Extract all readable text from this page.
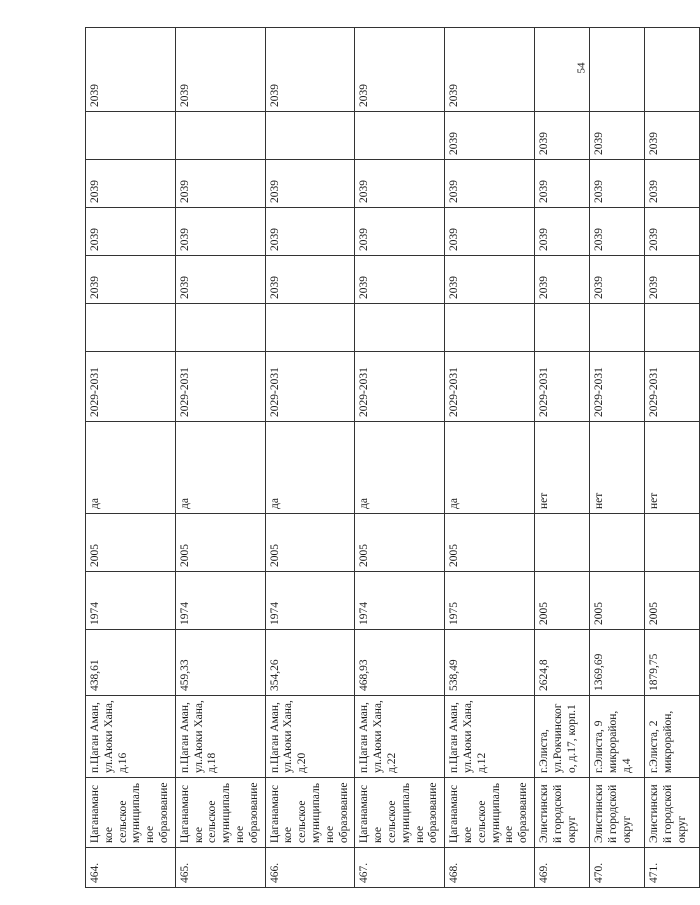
464.	Цаганаманское сельское муниципальное образование	п.Цаган Аман, ул.Аюки Хана, д.16	438,61	1974	2005	да	2029-2031		2039	2039	2039		2039
465.	Цаганаманское сельское муниципальное образование	п.Цаган Аман, ул.Аюки Хана, д.18	459,33	1974	2005	да	2029-2031		2039	2039	2039		2039
466.	Цаганаманское сельское муниципальное образование	п.Цаган Аман, ул.Аюки Хана, д.20	354,26	1974	2005	да	2029-2031		2039	2039	2039		2039
467.	Цаганаманское сельское муниципальное образование	п.Цаган Аман, ул.Аюки Хана, д.22	468,93	1974	2005	да	2029-2031		2039	2039	2039		2039
468.	Цаганаманское сельское муниципальное образование	п.Цаган Аман, ул.Аюки Хана, д.12	538,49	1975	2005	да	2029-2031		2039	2039	2039	2039	2039
469.	Элистинский городской округ	г.Элиста, ул.Рокчинского, д.17, корп.1	2624,8	2005		нет	2029-2031		2039	2039	2039	2039	
470.	Элистинский городской округ	г.Элиста, 9 микрорайон, д.4	1369,69	2005		нет	2029-2031		2039	2039	2039	2039	
471.	Элистинский городской округ	г.Элиста, 2 микрорайон,	1879,75	2005		нет	2029-2031		2039	2039	2039	2039	
54
